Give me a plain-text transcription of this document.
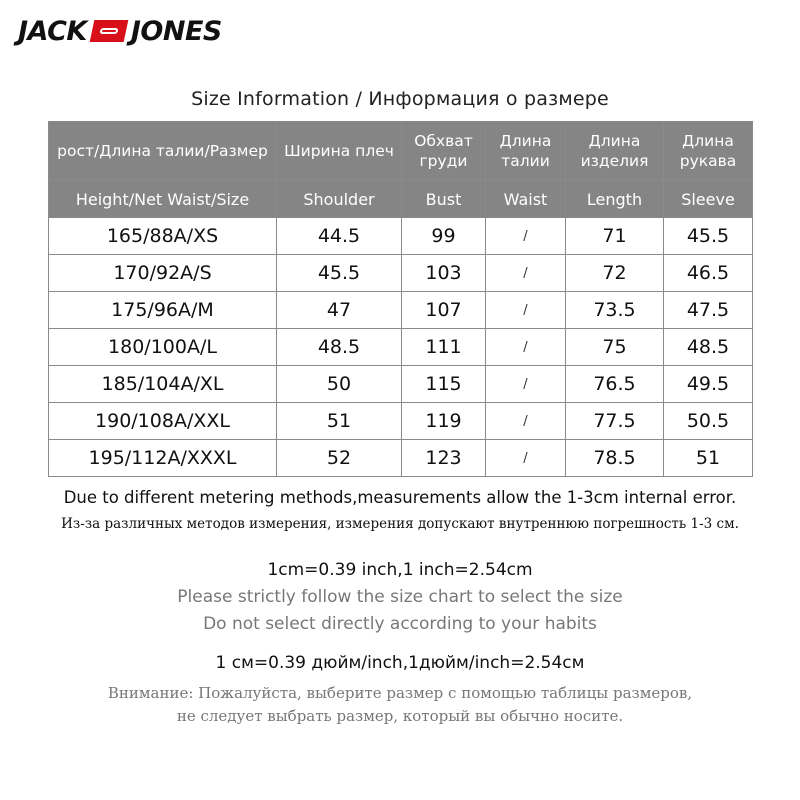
JACK JONES
Size Information / Информация о размере
рост/Длина талии/Размер	Ширина плеч	Обхват груди	Длина талии	Длина изделия	Длина рукава
Height/Net Waist/Size	Shoulder	Bust	Waist	Length	Sleeve
165/88A/XS	44.5	99	/	71	45.5
170/92A/S	45.5	103	/	72	46.5
175/96A/M	47	107	/	73.5	47.5
180/100A/L	48.5	111	/	75	48.5
185/104A/XL	50	115	/	76.5	49.5
190/108A/XXL	51	119	/	77.5	50.5
195/112A/XXXL	52	123	/	78.5	51
Due to different metering methods,measurements allow the 1-3cm internal error.
Из-за различных методов измерения, измерения допускают внутреннюю погрешность 1-3 см.
1cm=0.39 inch,1 inch=2.54cm
Please strictly follow the size chart to select the size
Do not select directly according to your habits
1 см=0.39 дюйм/inch,1дюйм/inch=2.54см
Внимание: Пожалуйста, выберите размер с помощью таблицы размеров,
не следует выбрать размер, который вы обычно носите.
